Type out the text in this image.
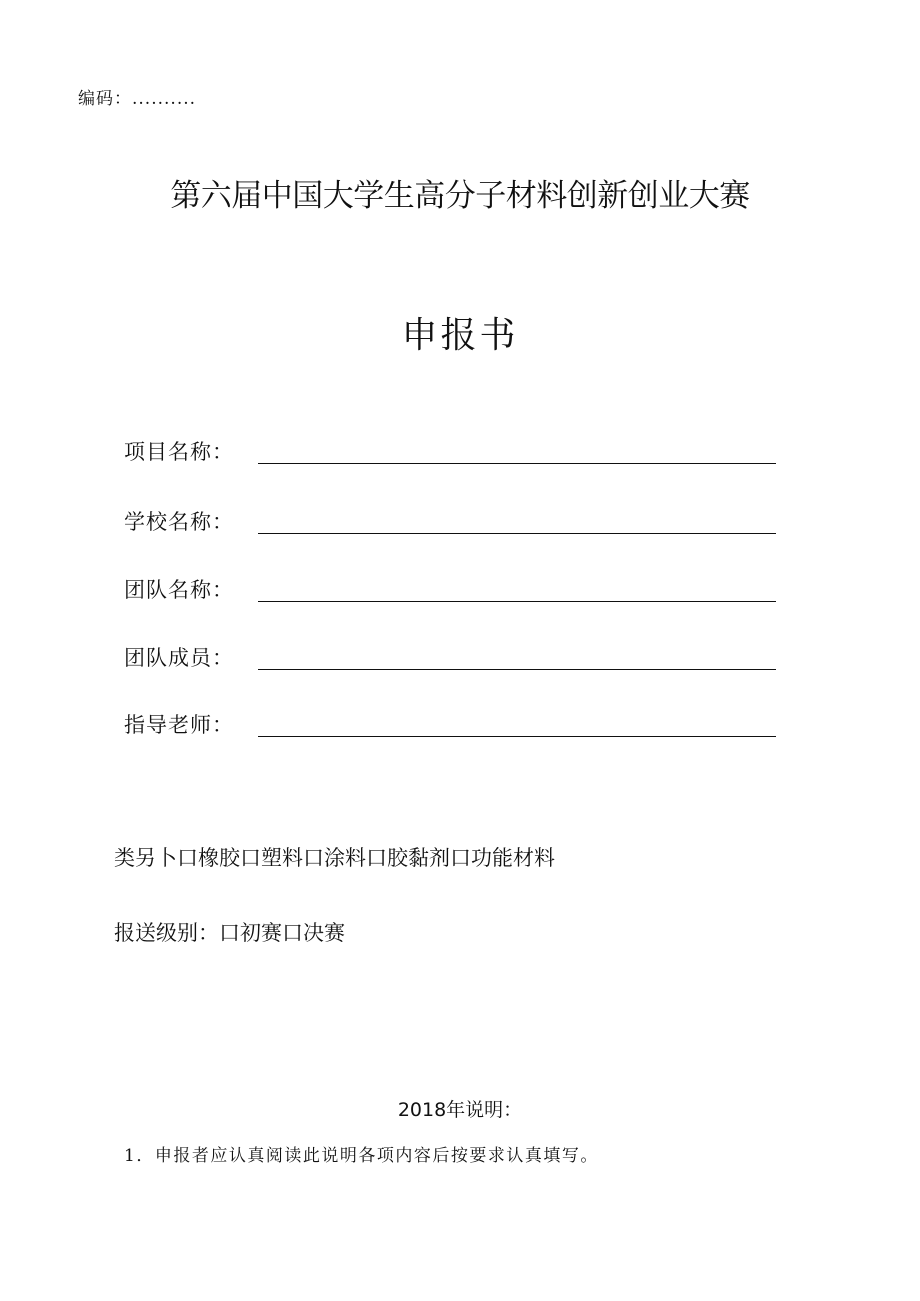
编码：..........
第六届中国大学生高分子材料创新创业大赛
申报书
项目名称：
学校名称：
团队名称：
团队成员：
指导老师：
类另卜口橡胶口塑料口涂料口胶黏剂口功能材料
报送级别：口初赛口决赛
2018年说明：
1．申报者应认真阅读此说明各项内容后按要求认真填写。
